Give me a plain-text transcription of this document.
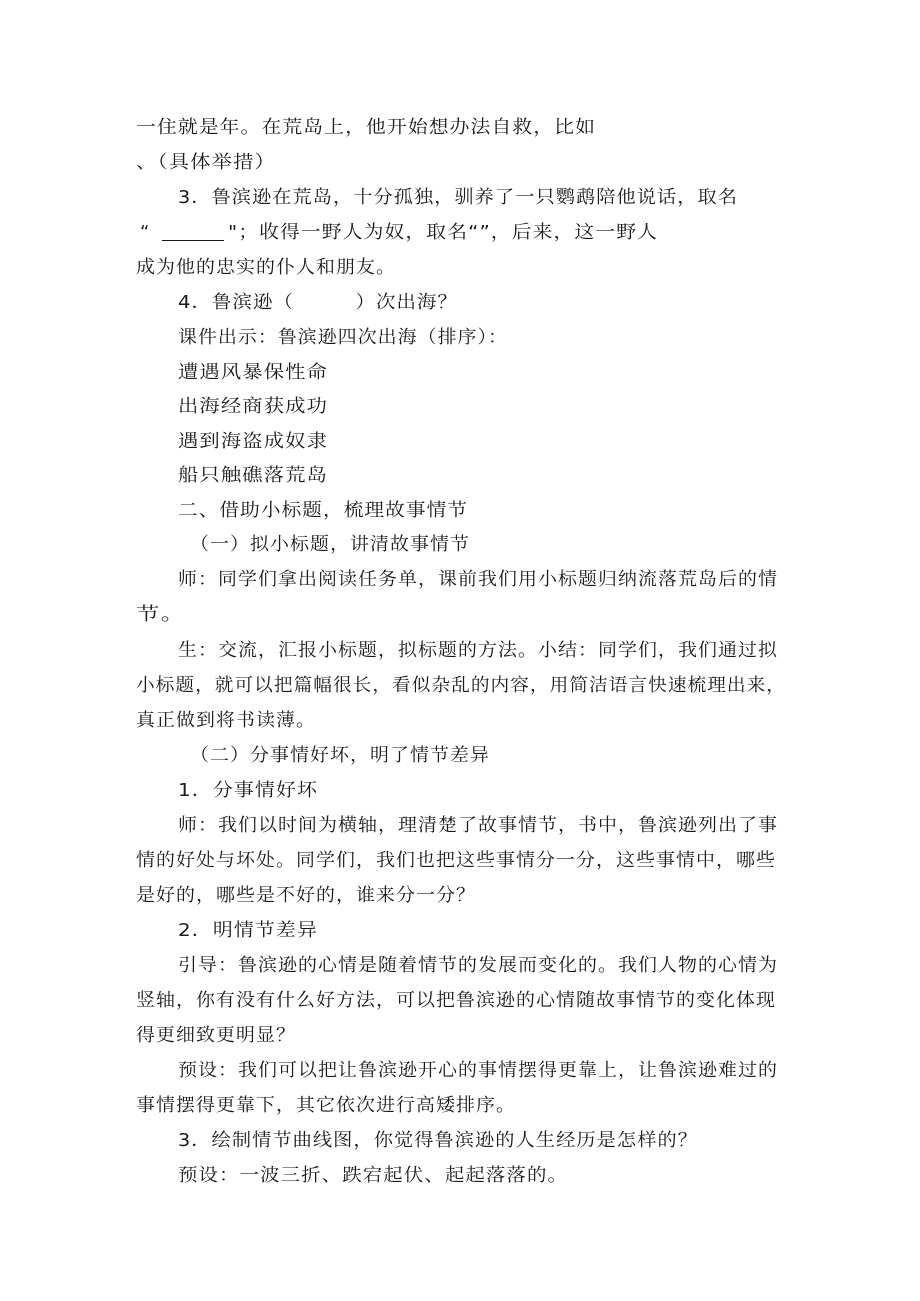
一住就是年。在荒岛上，他开始想办法自救，比如
、（具体举措）
3．鲁滨逊在荒岛，十分孤独，驯养了一只鹦鹉陪他说话，取名
“	"；收得一野人为奴，取名“”，后来，这一野人
成为他的忠实的仆人和朋友。
4．鲁滨逊（　　　）次出海？
课件出示：鲁滨逊四次出海（排序）：
遭遇风暴保性命
出海经商获成功
遇到海盗成奴隶
船只触礁落荒岛
二、借助小标题，梳理故事情节
（一）拟小标题，讲清故事情节
师：同学们拿出阅读任务单，课前我们用小标题归纳流落荒岛后的情
节。
生：交流，汇报小标题，拟标题的方法。小结：同学们，我们通过拟
小标题，就可以把篇幅很长，看似杂乱的内容，用简洁语言快速梳理出来，
真正做到将书读薄。
（二）分事情好坏，明了情节差异
1．分事情好坏
师：我们以时间为横轴，理清楚了故事情节，书中，鲁滨逊列出了事
情的好处与坏处。同学们，我们也把这些事情分一分，这些事情中，哪些
是好的，哪些是不好的，谁来分一分？
2．明情节差异
引导：鲁滨逊的心情是随着情节的发展而变化的。我们人物的心情为
竖轴，你有没有什么好方法，可以把鲁滨逊的心情随故事情节的变化体现
得更细致更明显？
预设：我们可以把让鲁滨逊开心的事情摆得更靠上，让鲁滨逊难过的
事情摆得更靠下，其它依次进行高矮排序。
3．绘制情节曲线图，你觉得鲁滨逊的人生经历是怎样的？
预设：一波三折、跌宕起伏、起起落落的。
